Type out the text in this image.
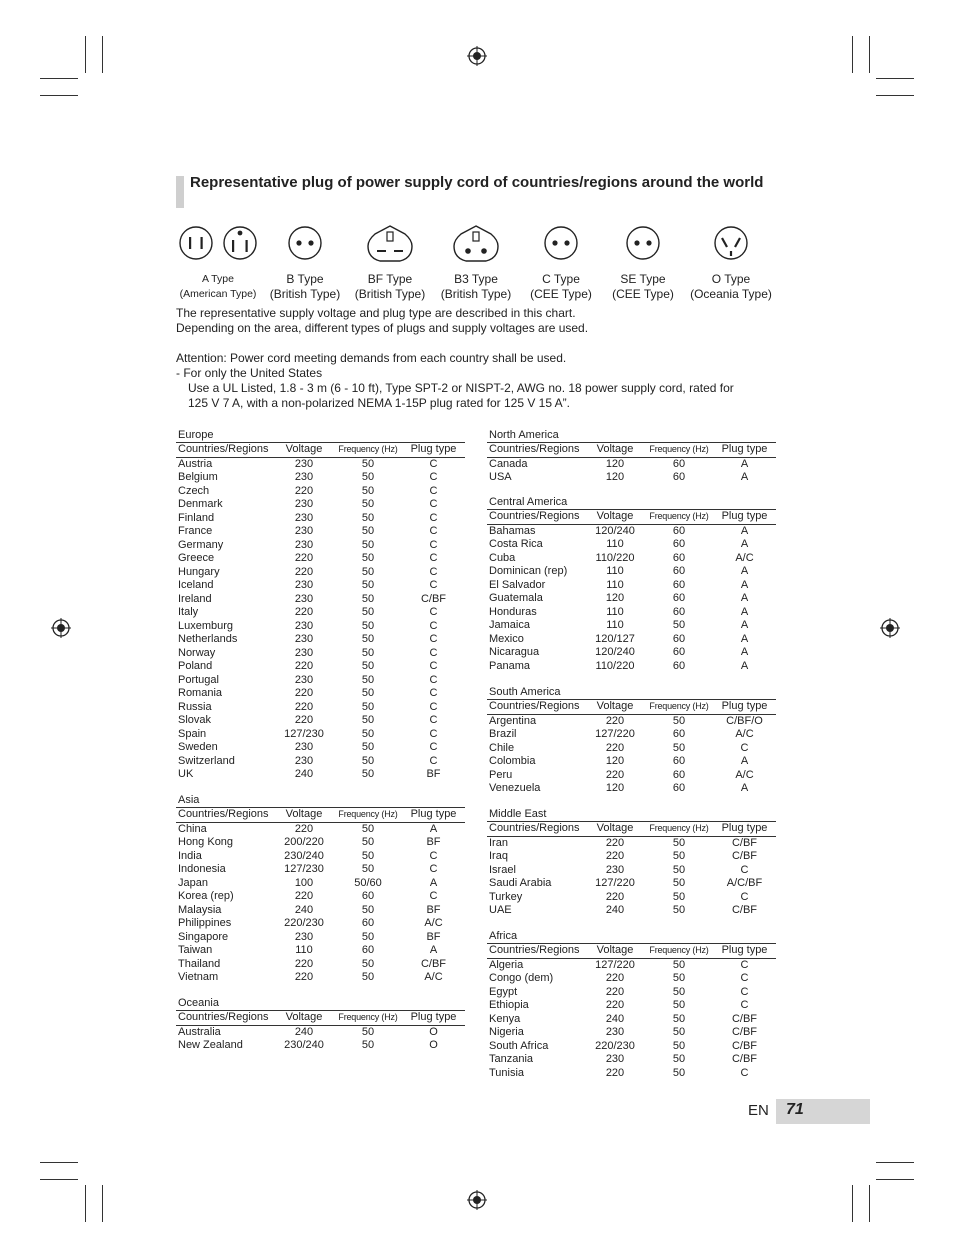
Representative plug of power supply cord of countries/regions around the world
A Type
(American Type)
B Type
(British Type)
BF Type
(British Type)
B3 Type
(British Type)
C Type
(CEE Type)
SE Type
(CEE Type)
O Type
(Oceania Type)
The representative supply voltage and plug type are described in this chart.
Depending on the area, different types of plugs and supply voltages are used.
Attention: Power cord meeting demands from each country shall be used.
- For only the United States
Use a UL Listed, 1.8 - 3 m (6 - 10 ft), Type SPT-2 or NISPT-2, AWG no. 18 power supply cord, rated for
125 V 7 A, with a non-polarized NEMA 1-15P plug rated for 125 V 15 A”.
Europe
Countries/Regions	Voltage	Frequency (Hz)	Plug type
Austria	230	50	C
Belgium	230	50	C
Czech	220	50	C
Denmark	230	50	C
Finland	230	50	C
France	230	50	C
Germany	230	50	C
Greece	220	50	C
Hungary	220	50	C
Iceland	230	50	C
Ireland	230	50	C/BF
Italy	220	50	C
Luxemburg	230	50	C
Netherlands	230	50	C
Norway	230	50	C
Poland	220	50	C
Portugal	230	50	C
Romania	220	50	C
Russia	220	50	C
Slovak	220	50	C
Spain	127/230	50	C
Sweden	230	50	C
Switzerland	230	50	C
UK	240	50	BF
Asia
Countries/Regions	Voltage	Frequency (Hz)	Plug type
China	220	50	A
Hong Kong	200/220	50	BF
India	230/240	50	C
Indonesia	127/230	50	C
Japan	100	50/60	A
Korea (rep)	220	60	C
Malaysia	240	50	BF
Philippines	220/230	60	A/C
Singapore	230	50	BF
Taiwan	110	60	A
Thailand	220	50	C/BF
Vietnam	220	50	A/C
Oceania
Countries/Regions	Voltage	Frequency (Hz)	Plug type
Australia	240	50	O
New Zealand	230/240	50	O
North America
Countries/Regions	Voltage	Frequency (Hz)	Plug type
Canada	120	60	A
USA	120	60	A
Central America
Countries/Regions	Voltage	Frequency (Hz)	Plug type
Bahamas	120/240	60	A
Costa Rica	110	60	A
Cuba	110/220	60	A/C
Dominican (rep)	110	60	A
El Salvador	110	60	A
Guatemala	120	60	A
Honduras	110	60	A
Jamaica	110	50	A
Mexico	120/127	60	A
Nicaragua	120/240	60	A
Panama	110/220	60	A
South America
Countries/Regions	Voltage	Frequency (Hz)	Plug type
Argentina	220	50	C/BF/O
Brazil	127/220	60	A/C
Chile	220	50	C
Colombia	120	60	A
Peru	220	60	A/C
Venezuela	120	60	A
Middle East
Countries/Regions	Voltage	Frequency (Hz)	Plug type
Iran	220	50	C/BF
Iraq	220	50	C/BF
Israel	230	50	C
Saudi Arabia	127/220	50	A/C/BF
Turkey	220	50	C
UAE	240	50	C/BF
Africa
Countries/Regions	Voltage	Frequency (Hz)	Plug type
Algeria	127/220	50	C
Congo (dem)	220	50	C
Egypt	220	50	C
Ethiopia	220	50	C
Kenya	240	50	C/BF
Nigeria	230	50	C/BF
South Africa	220/230	50	C/BF
Tanzania	230	50	C/BF
Tunisia	220	50	C
EN 71
